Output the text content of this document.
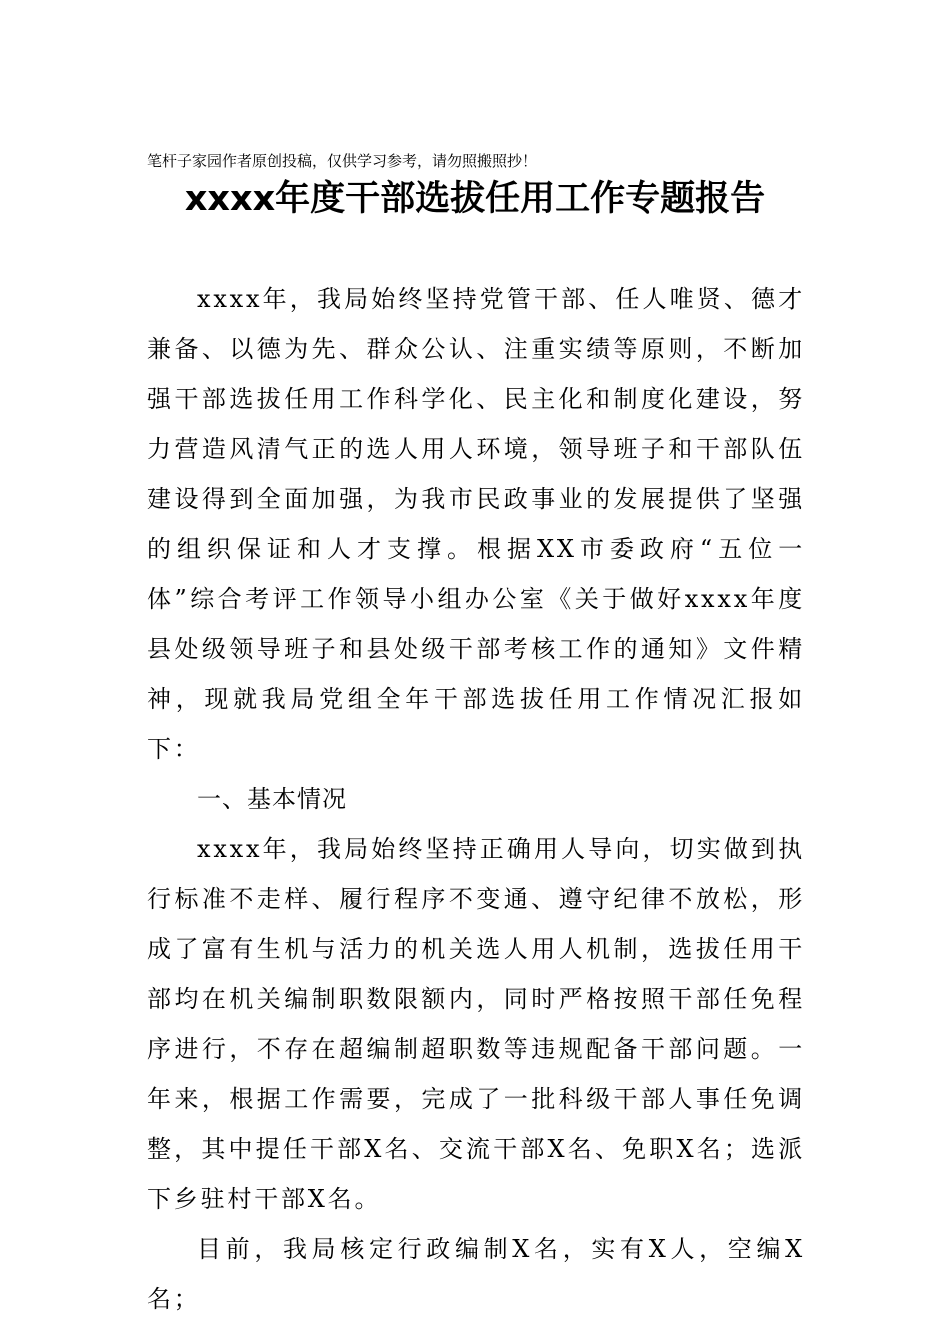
笔杆子家园作者原创投稿，仅供学习参考，请勿照搬照抄！
xxxx年度干部选拔任用工作专题报告

xxxx年，我局始终坚持党管干部、任人唯贤、德才兼备、以德为先、群众公认、注重实绩等原则，不断加强干部选拔任用工作科学化、民主化和制度化建设，努力营造风清气正的选人用人环境，领导班子和干部队伍建设得到全面加强，为我市民政事业的发展提供了坚强的组织保证和人才支撑。根据XX市委政府“五位一体”综合考评工作领导小组办公室《关于做好xxxx年度县处级领导班子和县处级干部考核工作的通知》文件精神，现就我局党组全年干部选拔任用工作情况汇报如下：

一、基本情况

xxxx年，我局始终坚持正确用人导向，切实做到执行标准不走样、履行程序不变通、遵守纪律不放松，形成了富有生机与活力的机关选人用人机制，选拔任用干部均在机关编制职数限额内，同时严格按照干部任免程序进行，不存在超编制超职数等违规配备干部问题。一年来，根据工作需要，完成了一批科级干部人事任免调整，其中提任干部X名、交流干部X名、免职X名；选派下乡驻村干部X名。

目前，我局核定行政编制X名，实有X人，空编X名；
